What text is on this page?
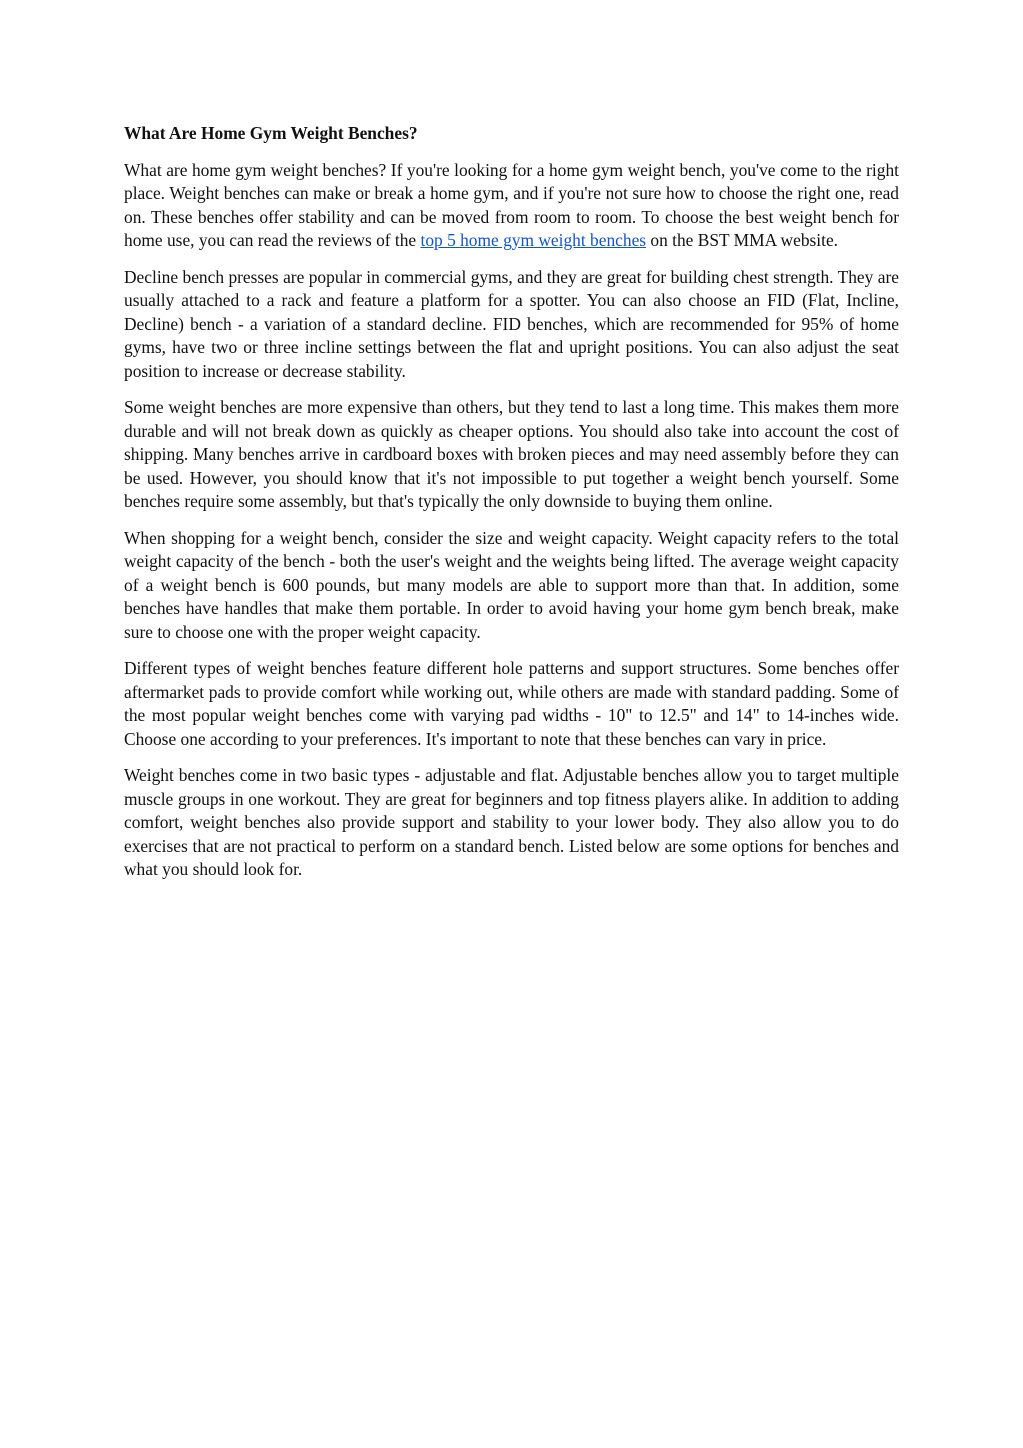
What Are Home Gym Weight Benches?

What are home gym weight benches? If you're looking for a home gym weight bench, you've come to the right place. Weight benches can make or break a home gym, and if you're not sure how to choose the right one, read on. These benches offer stability and can be moved from room to room. To choose the best weight bench for home use, you can read the reviews of the top 5 home gym weight benches on the BST MMA website.

Decline bench presses are popular in commercial gyms, and they are great for building chest strength. They are usually attached to a rack and feature a platform for a spotter. You can also choose an FID (Flat, Incline, Decline) bench - a variation of a standard decline. FID benches, which are recommended for 95% of home gyms, have two or three incline settings between the flat and upright positions. You can also adjust the seat position to increase or decrease stability.

Some weight benches are more expensive than others, but they tend to last a long time. This makes them more durable and will not break down as quickly as cheaper options. You should also take into account the cost of shipping. Many benches arrive in cardboard boxes with broken pieces and may need assembly before they can be used. However, you should know that it's not impossible to put together a weight bench yourself. Some benches require some assembly, but that's typically the only downside to buying them online.

When shopping for a weight bench, consider the size and weight capacity. Weight capacity refers to the total weight capacity of the bench - both the user's weight and the weights being lifted. The average weight capacity of a weight bench is 600 pounds, but many models are able to support more than that. In addition, some benches have handles that make them portable. In order to avoid having your home gym bench break, make sure to choose one with the proper weight capacity.

Different types of weight benches feature different hole patterns and support structures. Some benches offer aftermarket pads to provide comfort while working out, while others are made with standard padding. Some of the most popular weight benches come with varying pad widths - 10" to 12.5" and 14" to 14-inches wide. Choose one according to your preferences. It's important to note that these benches can vary in price.

Weight benches come in two basic types - adjustable and flat. Adjustable benches allow you to target multiple muscle groups in one workout. They are great for beginners and top fitness players alike. In addition to adding comfort, weight benches also provide support and stability to your lower body. They also allow you to do exercises that are not practical to perform on a standard bench. Listed below are some options for benches and what you should look for.
